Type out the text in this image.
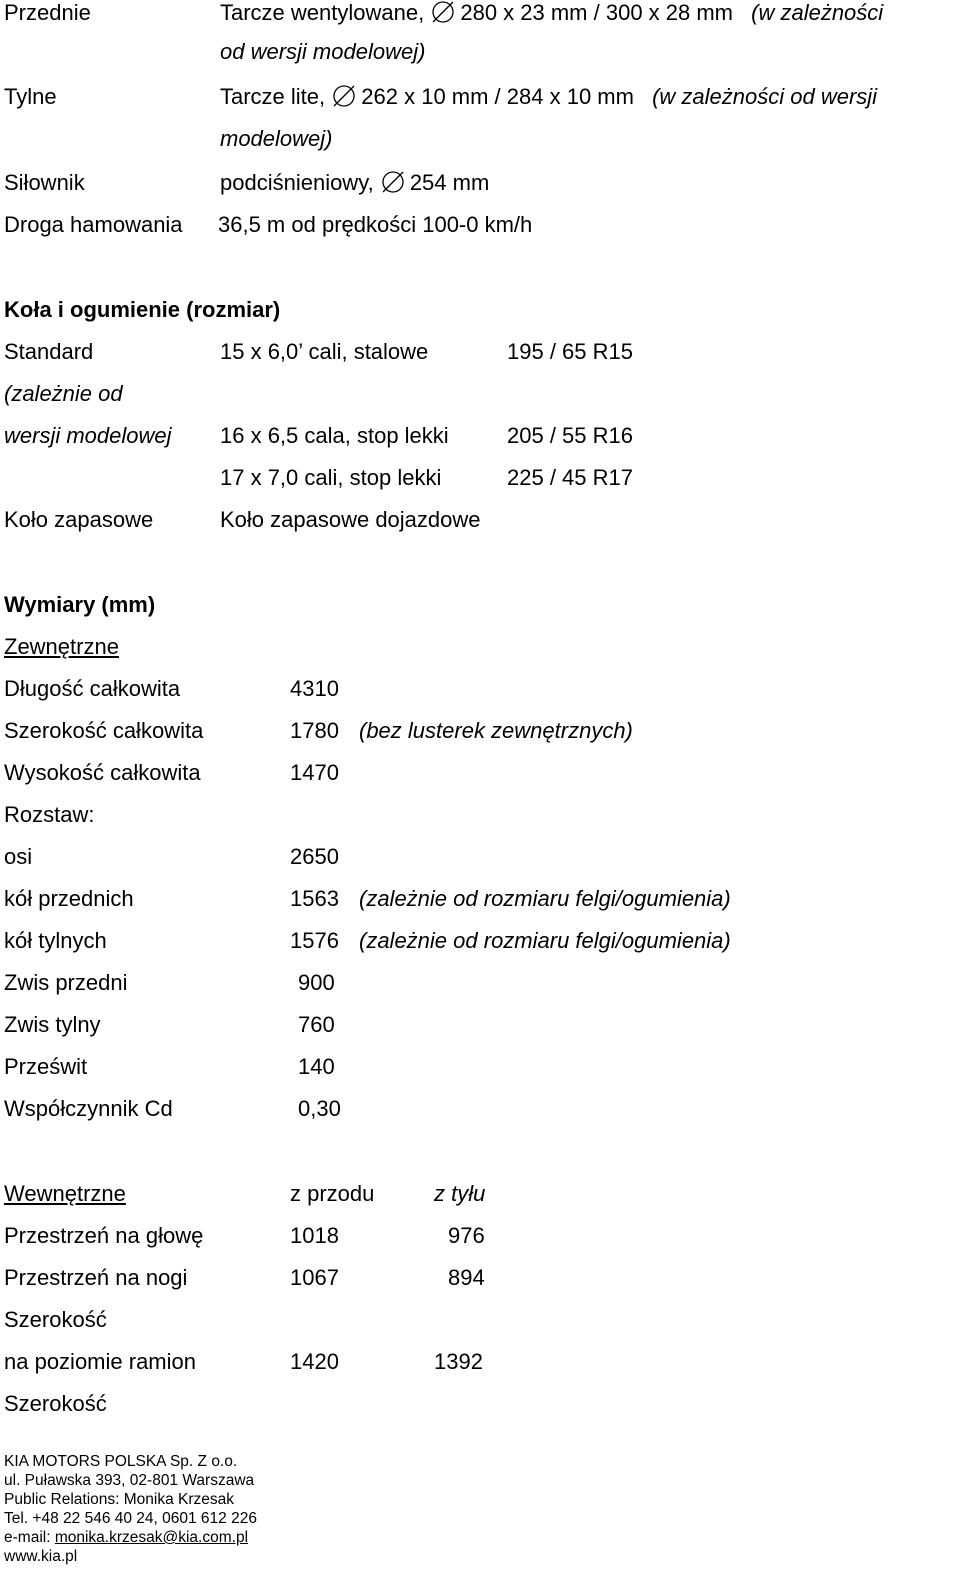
Przednie	Tarcze wentylowane, 280 x 23 mm / 300 x 28 mm (w zależności
od wersji modelowej)
Tylne	Tarcze lite, 262 x 10 mm / 284 x 10 mm (w zależności od wersji
modelowej)
Siłownik	podciśnieniowy, 254 mm
Droga hamowania 36,5 m od prędkości 100-0 km/h
Koła i ogumienie (rozmiar)
Standard	15 x 6,0’ cali, stalowe	195 / 65 R15
(zależnie od
wersji modelowej 16 x 6,5 cala, stop lekki	205 / 55 R16
17 x 7,0 cali, stop lekki	225 / 45 R17
Koło zapasowe	Koło zapasowe dojazdowe
Wymiary (mm)
Zewnętrzne
Długość całkowita	4310
Szerokość całkowita	1780 (bez lusterek zewnętrznych)
Wysokość całkowita	1470
Rozstaw:
osi	2650
kół przednich	1563 (zależnie od rozmiaru felgi/ogumienia)
kół tylnych	1576 (zależnie od rozmiaru felgi/ogumienia)
Zwis przedni	900
Zwis tylny	760
Prześwit	140
Współczynnik Cd	0,30
Wewnętrzne	z przodu	z tyłu
Przestrzeń na głowę	1018	976
Przestrzeń na nogi	1067	894
Szerokość
na poziomie ramion	1420	1392
Szerokość
KIA MOTORS POLSKA Sp. Z o.o.
ul. Puławska 393, 02-801 Warszawa
Public Relations: Monika Krzesak
Tel. +48 22 546 40 24, 0601 612 226
e-mail: monika.krzesak@kia.com.pl
www.kia.pl
